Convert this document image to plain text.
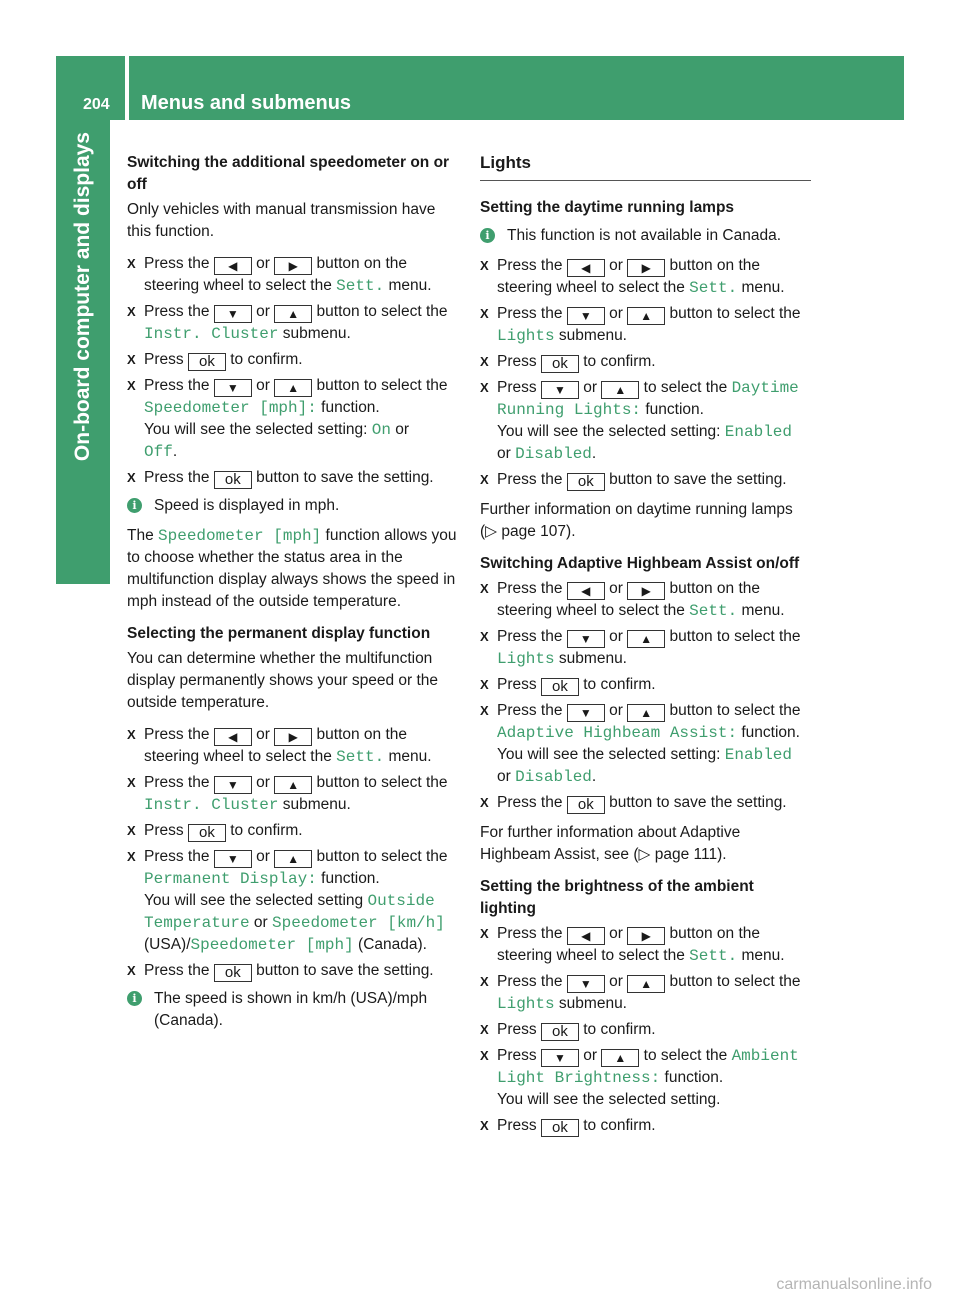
204 Menus and submenus
On-board computer and displays	Switching the additional speedometer on or off
Only vehicles with manual transmission have this function.
X Press the ◀ or ▶ button on the steering wheel to select the Sett. menu.
X Press the ▼ or ▲ button to select the Instr. Cluster submenu.
X Press ok to confirm.
X Press the ▼ or ▲ button to select the Speedometer [mph]: function.
You will see the selected setting: On or
Off.
X Press the ok button to save the setting.
i	Speed is displayed in mph.
The Speedometer [mph] function allows you to choose whether the status area in the multifunction display always shows the speed in mph instead of the outside temperature.
Selecting the permanent display function
You can determine whether the multifunction display permanently shows your speed or the outside temperature.
X Press the ◀ or ▶ button on the steering wheel to select the Sett. menu.
X Press the ▼ or ▲ button to select the Instr. Cluster submenu.
X Press ok to confirm.
X Press the ▼ or ▲ button to select the Permanent Display: function.
You will see the selected setting Outside
Temperature or Speedometer [km/h]
(USA)/Speedometer [mph] (Canada).
X Press the ok button to save the setting.
i	The speed is shown in km/h (USA)/mph (Canada).
Lights
Setting the daytime running lamps
i	This function is not available in Canada.
X Press the ◀ or ▶ button on the steering wheel to select the Sett. menu.
X Press the ▼ or ▲ button to select the Lights submenu.
X Press ok to confirm.
X Press ▼ or ▲ to select the Daytime
Running Lights: function.
You will see the selected setting: Enabled
or Disabled.
X Press the ok button to save the setting.
Further information on daytime running lamps (▷ page 107).
Switching Adaptive Highbeam Assist on/off
X Press the ◀ or ▶ button on the steering wheel to select the Sett. menu.
X Press the ▼ or ▲ button to select the Lights submenu.
X Press ok to confirm.
X Press the ▼ or ▲ button to select the Adaptive Highbeam Assist: function.
You will see the selected setting: Enabled
or Disabled.
X Press the ok button to save the setting.
For further information about Adaptive Highbeam Assist, see (▷ page 111).
Setting the brightness of the ambient lighting
X Press the ◀ or ▶ button on the steering wheel to select the Sett. menu.
X Press the ▼ or ▲ button to select the Lights submenu.
X Press ok to confirm.
X Press ▼ or ▲ to select the Ambient
Light Brightness: function.
You will see the selected setting.
X Press ok to confirm.
carmanualsonline.info
